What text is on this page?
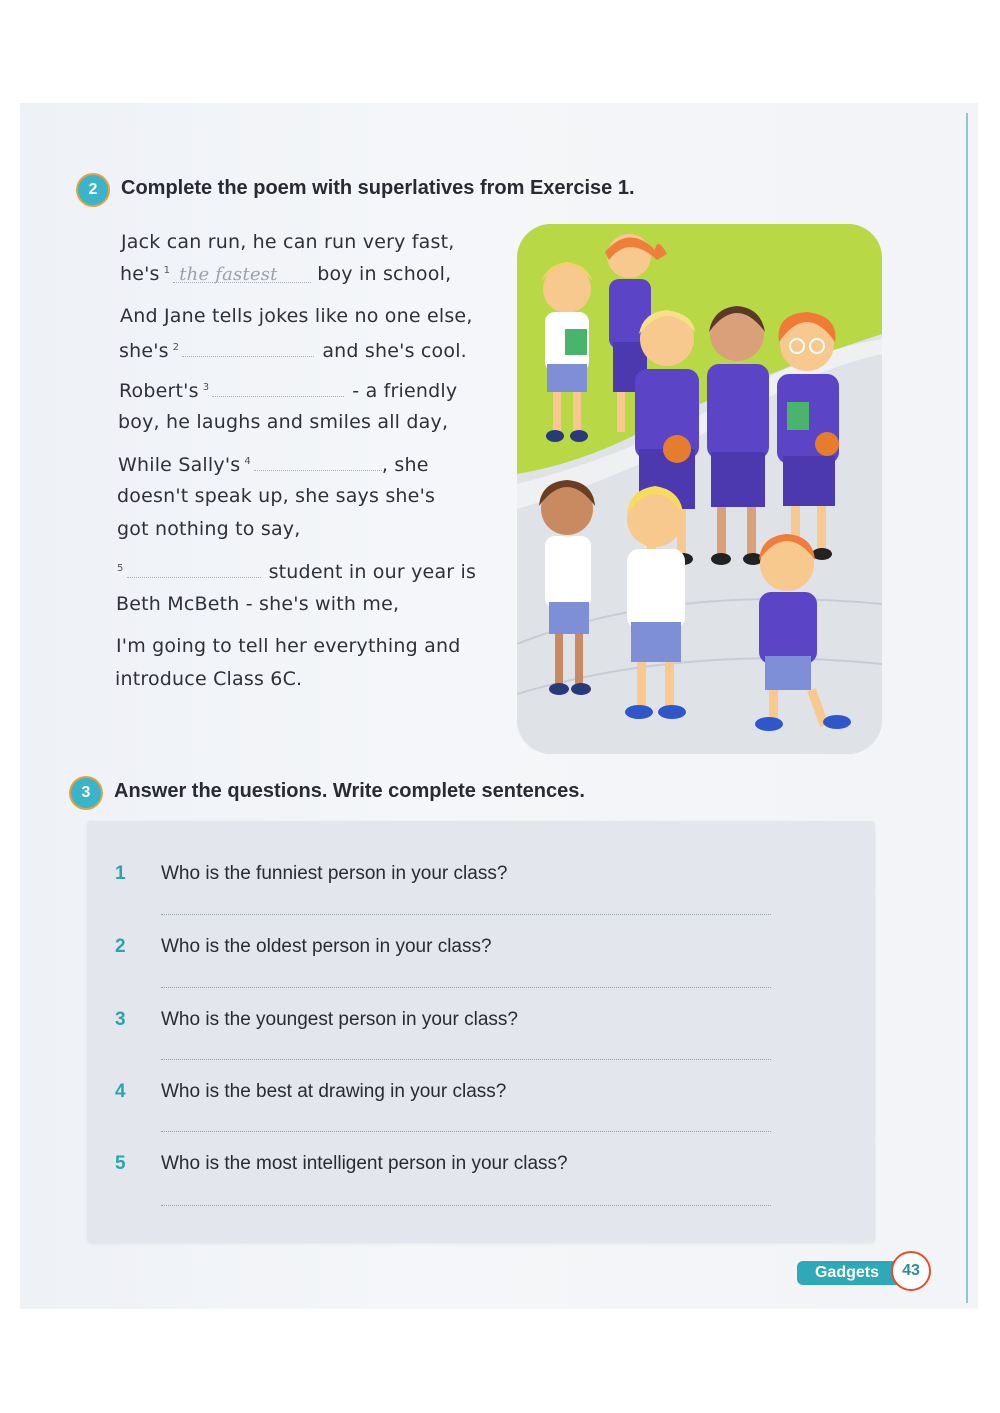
2 Complete the poem with superlatives from Exercise 1.
Jack can run, he can run very fast,
he's $^1$ the fastest boy in school,
And Jane tells jokes like no one else,
she's $^2$	and she's cool.
Robert's $^3$	- a friendly
boy, he laughs and smiles all day,
While Sally's $^4$	, she
doesn't speak up, she says she's
got nothing to say,
$^5$	student in our year is
Beth McBeth - she's with me,
I'm going to tell her everything and
introduce Class 6C.
3 Answer the questions. Write complete sentences.
1 Who is the funniest person in your class?
2 Who is the oldest person in your class?
3 Who is the youngest person in your class?
4 Who is the best at drawing in your class?
5 Who is the most intelligent person in your class?
Gadgets 43
